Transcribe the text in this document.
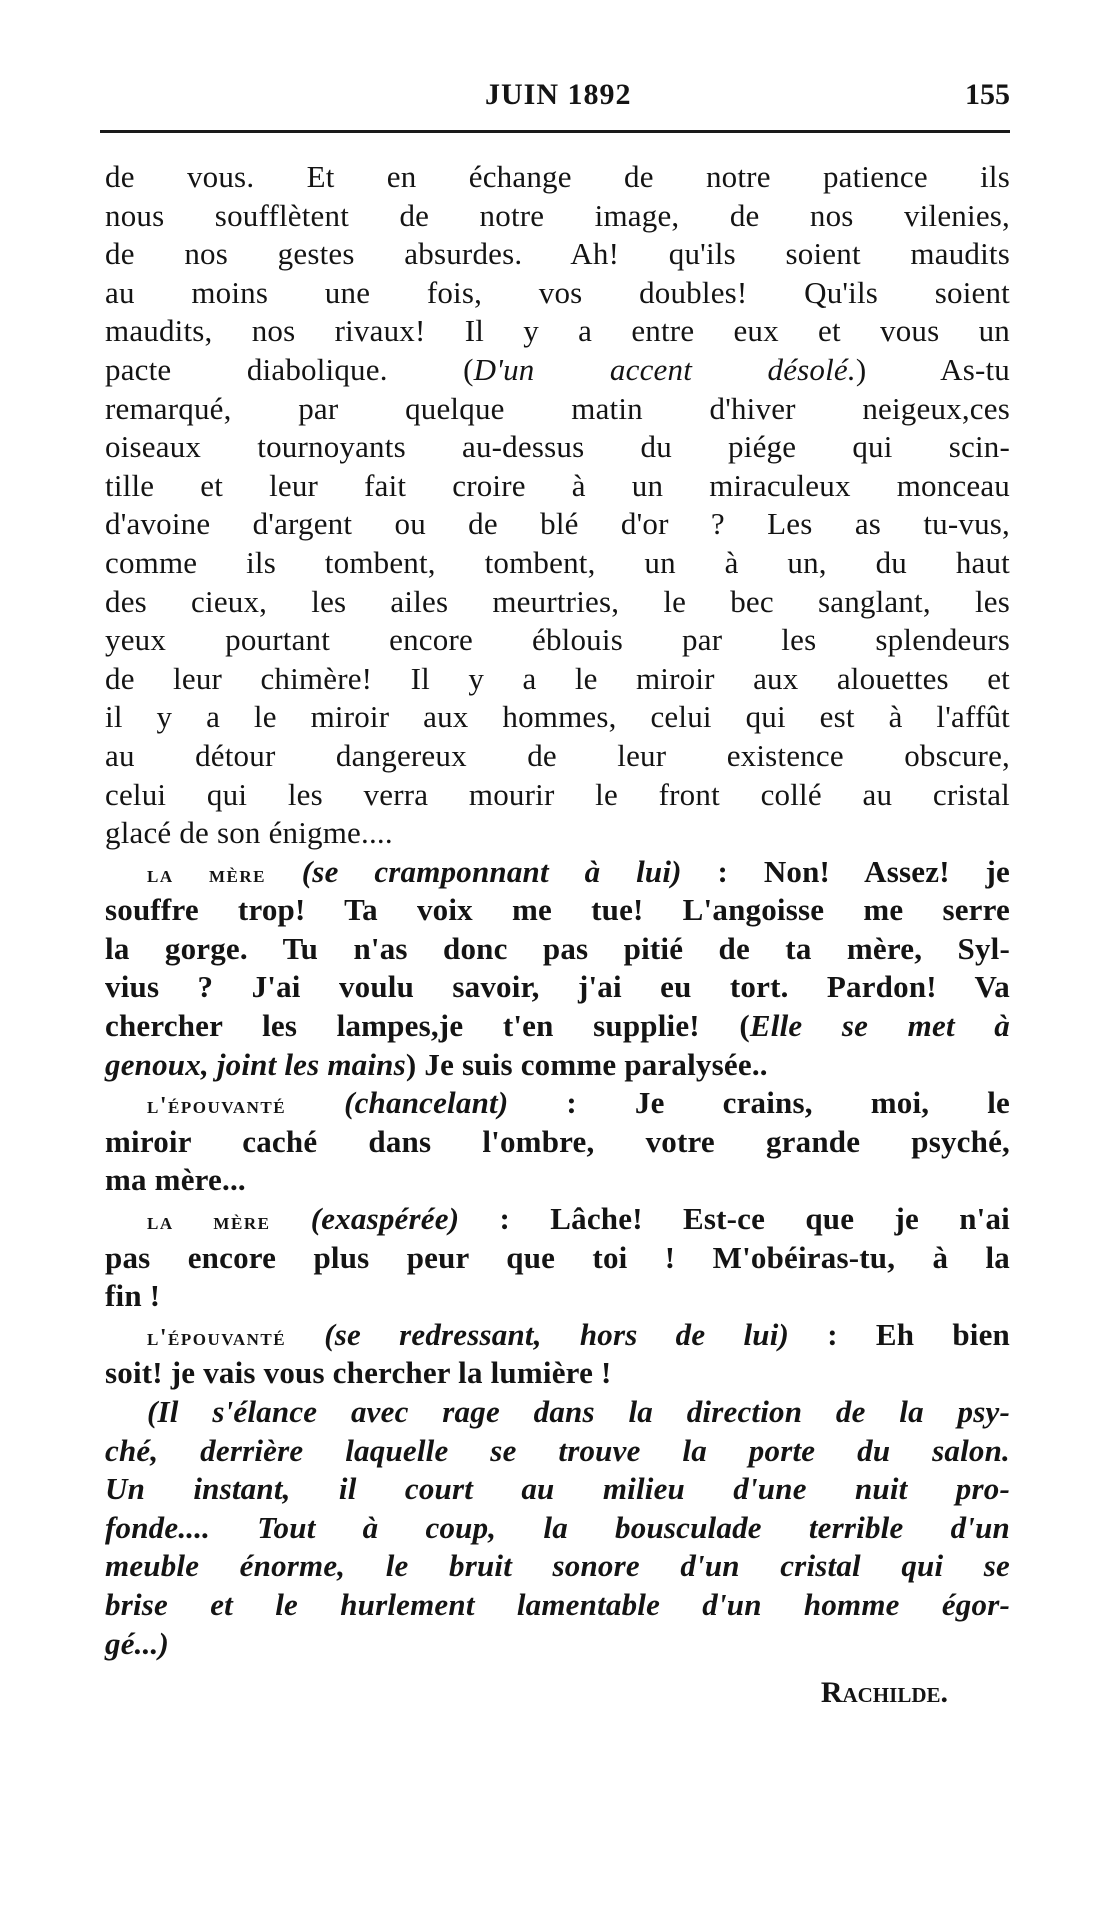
JUIN 1892	155
de vous. Et en échange de notre patience ils
nous soufflètent de notre image, de nos vilenies,
de nos gestes absurdes. Ah! qu'ils soient maudits
au moins une fois, vos doubles! Qu'ils soient
maudits, nos rivaux! Il y a entre eux et vous un
pacte diabolique. (D'un accent désolé.) As-tu
remarqué, par quelque matin d'hiver neigeux,ces
oiseaux tournoyants au-dessus du piége qui scin-
tille et leur fait croire à un miraculeux monceau
d'avoine d'argent ou de blé d'or ? Les as tu-vus,
comme ils tombent, tombent, un à un, du haut
des cieux, les ailes meurtries, le bec sanglant, les
yeux pourtant encore éblouis par les splendeurs
de leur chimère! Il y a le miroir aux alouettes et
il y a le miroir aux hommes, celui qui est à l'affût
au détour dangereux de leur existence obscure,
celui qui les verra mourir le front collé au cristal
glacé de son énigme....
la mère (se cramponnant à lui) : Non! Assez! je
souffre trop! Ta voix me tue! L'angoisse me serre
la gorge. Tu n'as donc pas pitié de ta mère, Syl-
vius ? J'ai voulu savoir, j'ai eu tort. Pardon! Va
chercher les lampes,je t'en supplie! (Elle se met à
genoux, joint les mains) Je suis comme paralysée..
l'épouvanté (chancelant) : Je crains, moi, le
miroir caché dans l'ombre, votre grande psyché,
ma mère...
la mère (exaspérée) : Lâche! Est-ce que je n'ai
pas encore plus peur que toi ! M'obéiras-tu, à la
fin !
l'épouvanté (se redressant, hors de lui) : Eh bien
soit! je vais vous chercher la lumière !
(Il s'élance avec rage dans la direction de la psy-
ché, derrière laquelle se trouve la porte du salon.
Un instant, il court au milieu d'une nuit pro-
fonde.... Tout à coup, la bousculade terrible d'un
meuble énorme, le bruit sonore d'un cristal qui se
brise et le hurlement lamentable d'un homme égor-
gé...)
Rachilde.
